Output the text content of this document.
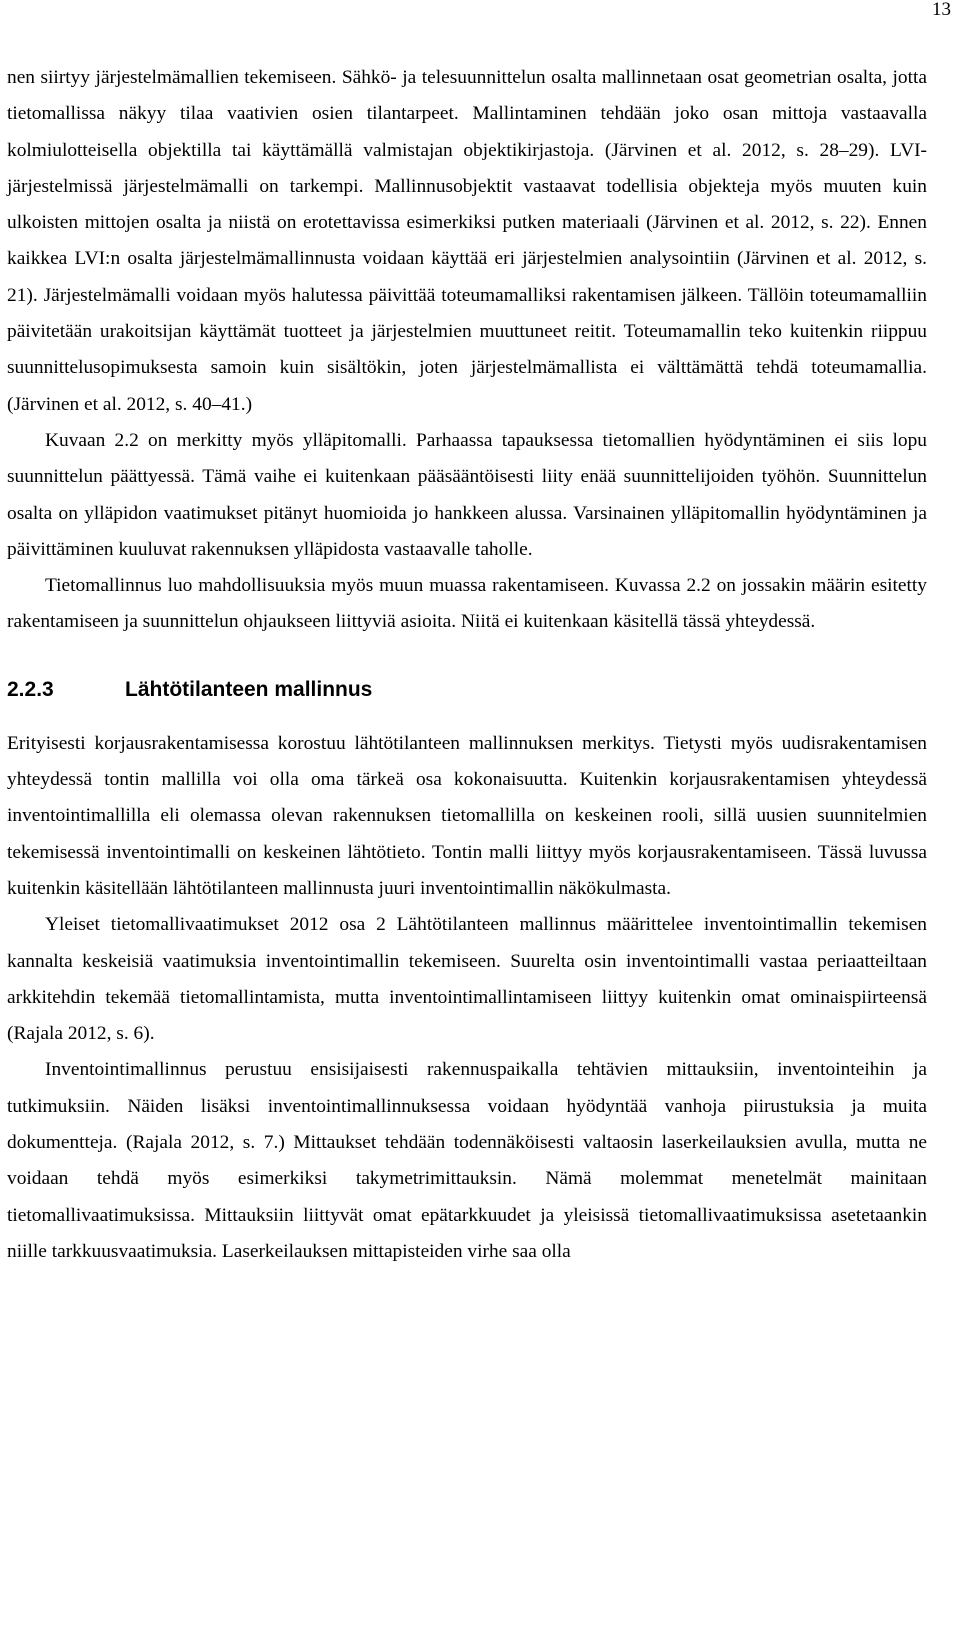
13

nen siirtyy järjestelmämallien tekemiseen. Sähkö- ja telesuunnittelun osalta mallinnetaan osat geometrian osalta, jotta tietomallissa näkyy tilaa vaativien osien tilantarpeet. Mallintaminen tehdään joko osan mittoja vastaavalla kolmiulotteisella objektilla tai käyttämällä valmistajan objektikirjastoja. (Järvinen et al. 2012, s. 28–29). LVI-järjestelmissä järjestelmämalli on tarkempi. Mallinnusobjektit vastaavat todellisia objekteja myös muuten kuin ulkoisten mittojen osalta ja niistä on erotettavissa esimerkiksi putken materiaali (Järvinen et al. 2012, s. 22). Ennen kaikkea LVI:n osalta järjestelmämallinnusta voidaan käyttää eri järjestelmien analysointiin (Järvinen et al. 2012, s. 21). Järjestelmämalli voidaan myös halutessa päivittää toteumamalliksi rakentamisen jälkeen. Tällöin toteumamalliin päivitetään urakoitsijan käyttämät tuotteet ja järjestelmien muuttuneet reitit. Toteumamallin teko kuitenkin riippuu suunnittelusopimuksesta samoin kuin sisältökin, joten järjestelmämallista ei välttämättä tehdä toteumamallia. (Järvinen et al. 2012, s. 40–41.)

Kuvaan 2.2 on merkitty myös ylläpitomalli. Parhaassa tapauksessa tietomallien hyödyntäminen ei siis lopu suunnittelun päättyessä. Tämä vaihe ei kuitenkaan pääsääntöisesti liity enää suunnittelijoiden työhön. Suunnittelun osalta on ylläpidon vaatimukset pitänyt huomioida jo hankkeen alussa. Varsinainen ylläpitomallin hyödyntäminen ja päivittäminen kuuluvat rakennuksen ylläpidosta vastaavalle taholle.

Tietomallinnus luo mahdollisuuksia myös muun muassa rakentamiseen. Kuvassa 2.2 on jossakin määrin esitetty rakentamiseen ja suunnittelun ohjaukseen liittyviä asioita. Niitä ei kuitenkaan käsitellä tässä yhteydessä.

2.2.3	Lähtötilanteen mallinnus

Erityisesti korjausrakentamisessa korostuu lähtötilanteen mallinnuksen merkitys. Tietysti myös uudisrakentamisen yhteydessä tontin mallilla voi olla oma tärkeä osa kokonaisuutta. Kuitenkin korjausrakentamisen yhteydessä inventointimallilla eli olemassa olevan rakennuksen tietomallilla on keskeinen rooli, sillä uusien suunnitelmien tekemisessä inventointimalli on keskeinen lähtötieto. Tontin malli liittyy myös korjausrakentamiseen. Tässä luvussa kuitenkin käsitellään lähtötilanteen mallinnusta juuri inventointimallin näkökulmasta.

Yleiset tietomallivaatimukset 2012 osa 2 Lähtötilanteen mallinnus määrittelee inventointimallin tekemisen kannalta keskeisiä vaatimuksia inventointimallin tekemiseen. Suurelta osin inventointimalli vastaa periaatteiltaan arkkitehdin tekemää tietomallintamista, mutta inventointimallintamiseen liittyy kuitenkin omat ominaispiirteensä (Rajala 2012, s. 6).

Inventointimallinnus perustuu ensisijaisesti rakennuspaikalla tehtävien mittauksiin, inventointeihin ja tutkimuksiin. Näiden lisäksi inventointimallinnuksessa voidaan hyödyntää vanhoja piirustuksia ja muita dokumentteja. (Rajala 2012, s. 7.) Mittaukset tehdään todennäköisesti valtaosin laserkeilauksien avulla, mutta ne voidaan tehdä myös esimerkiksi takymetrimittauksin. Nämä molemmat menetelmät mainitaan tietomallivaatimuksissa. Mittauksiin liittyvät omat epätarkkuudet ja yleisissä tietomallivaatimuksissa asetetaankin niille tarkkuusvaatimuksia. Laserkeilauksen mittapisteiden virhe saa olla
